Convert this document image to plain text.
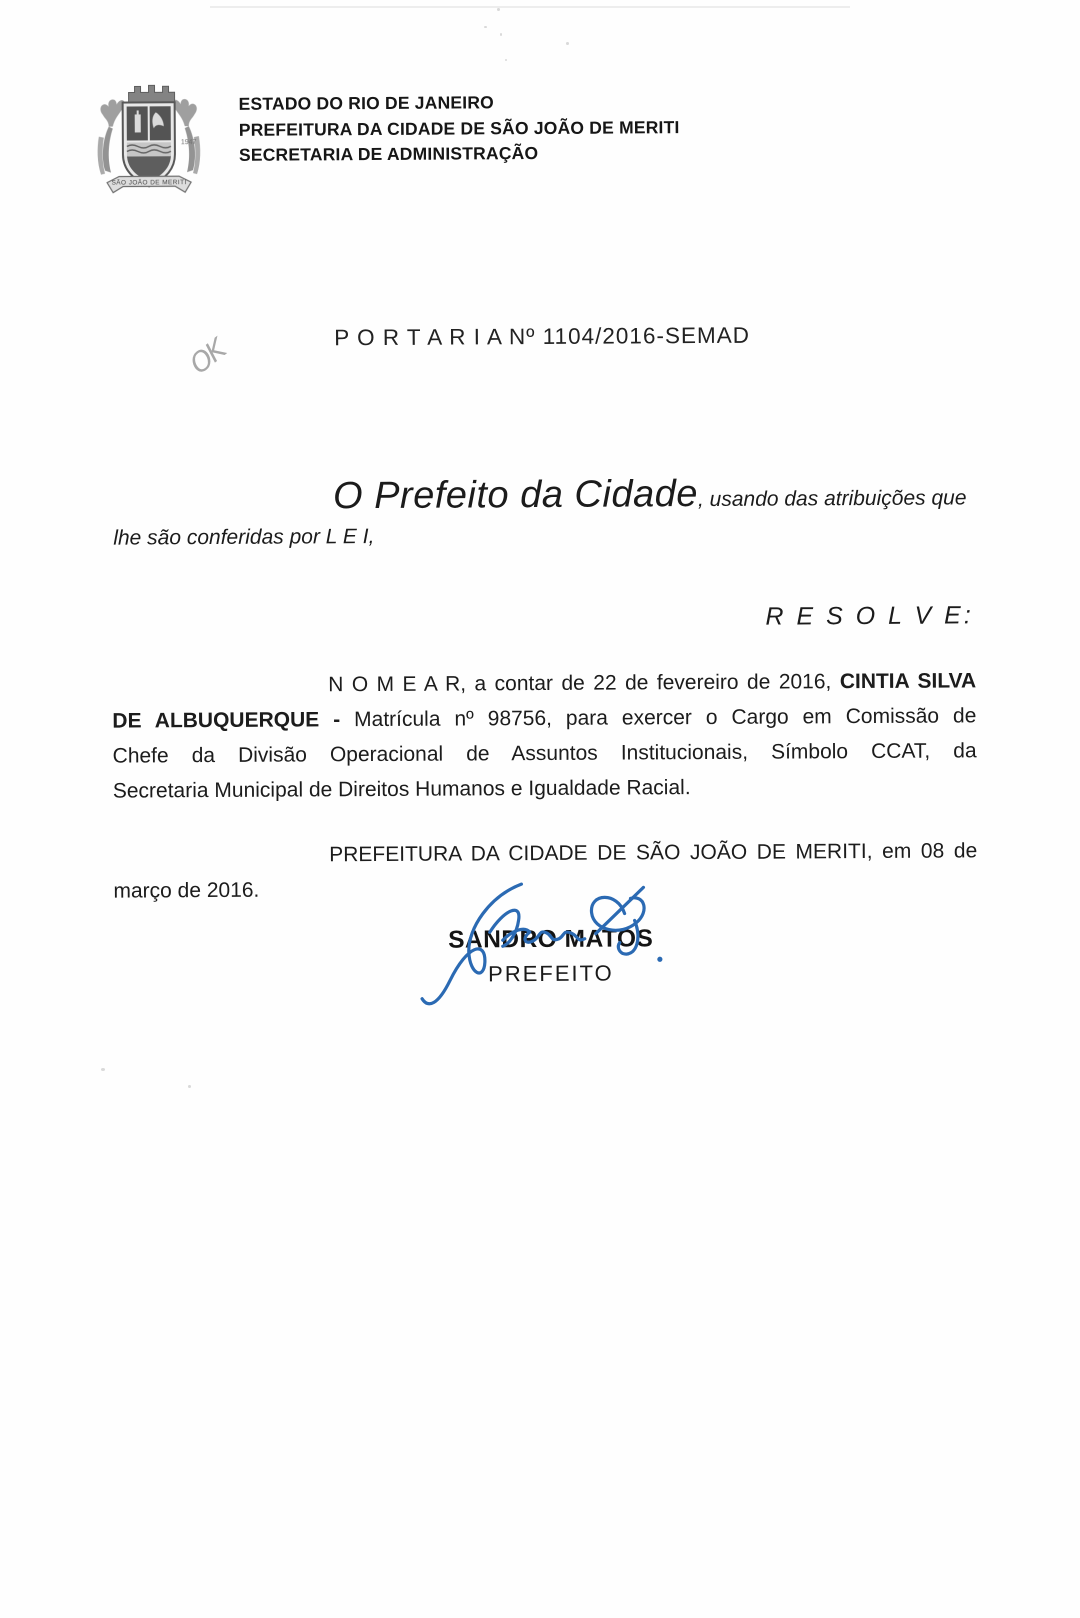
1947
SÃO JOÃO DE MERITI
ESTADO DO RIO DE JANEIRO
PREFEITURA DA CIDADE DE SÃO JOÃO DE MERITI
SECRETARIA DE ADMINISTRAÇÃO
P O R T A R I A Nº 1104/2016-SEMAD
OK
O Prefeito da Cidade, usando das atribuições que
lhe são conferidas por L E I,
R E S O L V E:
N O M E A R, a contar de 22 de fevereiro de 2016, CINTIA SILVA
DE ALBUQUERQUE - Matrícula nº 98756, para exercer o Cargo em Comissão de
Chefe da Divisão Operacional de Assuntos Institucionais, Símbolo CCAT, da
Secretaria Municipal de Direitos Humanos e Igualdade Racial.
PREFEITURA DA CIDADE DE SÃO JOÃO DE MERITI, em 08 de
março de 2016.
SANDRO MATOS
PREFEITO
